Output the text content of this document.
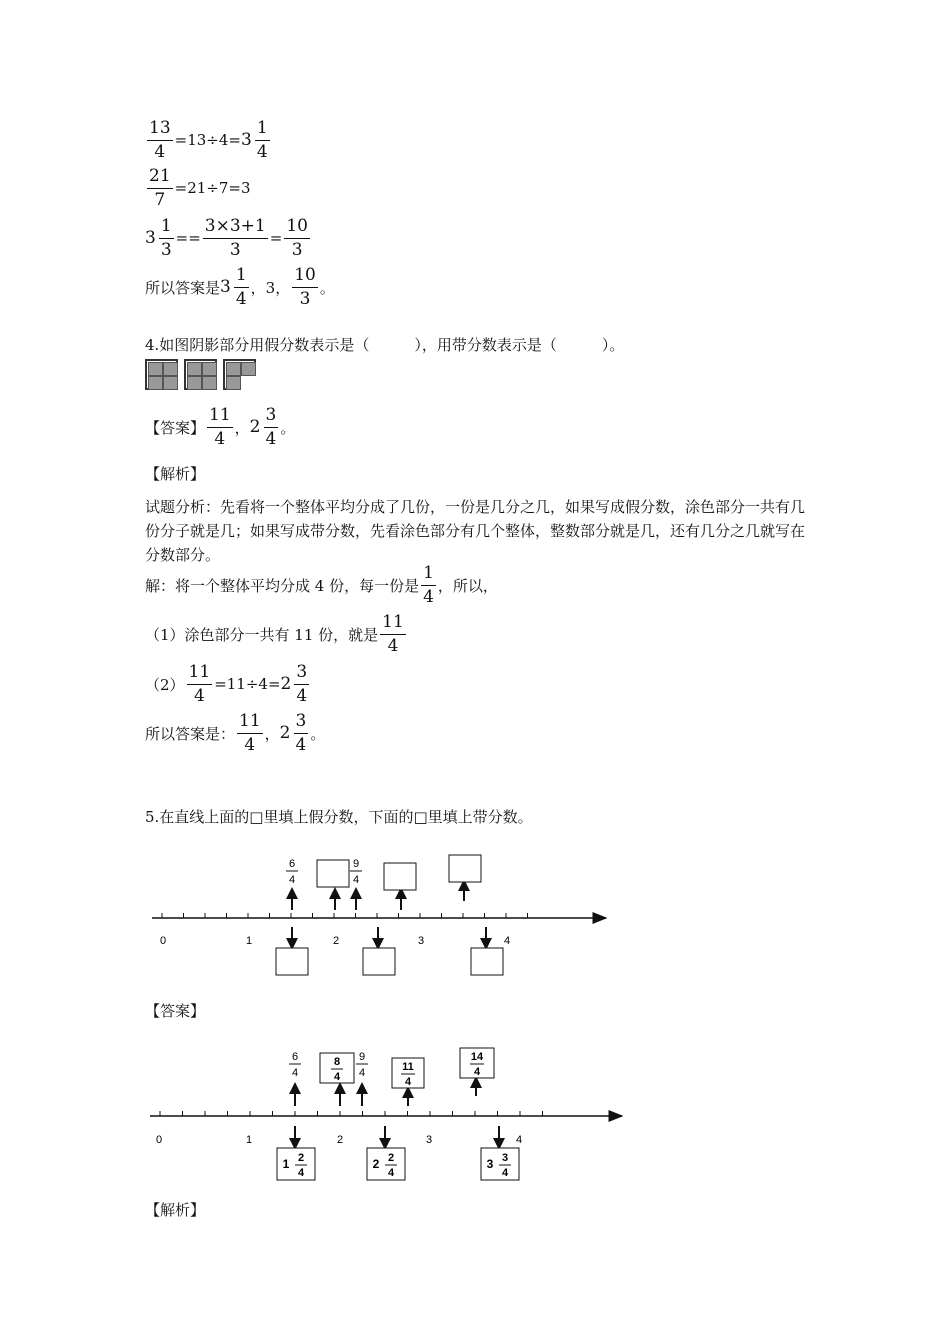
$\frac{13}{4} =13\div 4= 3 \frac{1}{4}$
$\frac{21}{7} =21\div 7=3$
$3 \frac{1}{3} == \frac{3\times 3+1}{3} = \frac{10}{3}$
所以答案是 $3 \frac{1}{4}$ ，3， $\frac{10}{3}$ 。
4.如图阴影部分用假分数表示是（　　　），用带分数表示是（　　　）。
【答案】 $\frac{11}{4}$ ， $2 \frac{3}{4}$ 。
【解析】
试题分析：先看将一个整体平均分成了几份，一份是几分之几，如果写成假分数，涂色部分一共有几份分子就是几；如果写成带分数，先看涂色部分有几个整体，整数部分就是几，还有几分之几就写在分数部分。
解：将一个整体平均分成 4 份，每一份是 $\frac{1}{4}$ ，所以，
（1）涂色部分一共有 11 份，就是 $\frac{11}{4}$
$(2) \frac{11}{4} =11\div 4= 2 \frac{3}{4}$
所以答案是： $\frac{11}{4}$ ， $2 \frac{3}{4}$ 。
5.在直线上面的□里填上假分数，下面的□里填上带分数。
0	1	2	3	4
6
4
9
4
【答案】
0	1	2	3	4
6
4
9
4
8
4
11
4
14
4
1 2
4
2 2
4
3 3
4
【解析】
